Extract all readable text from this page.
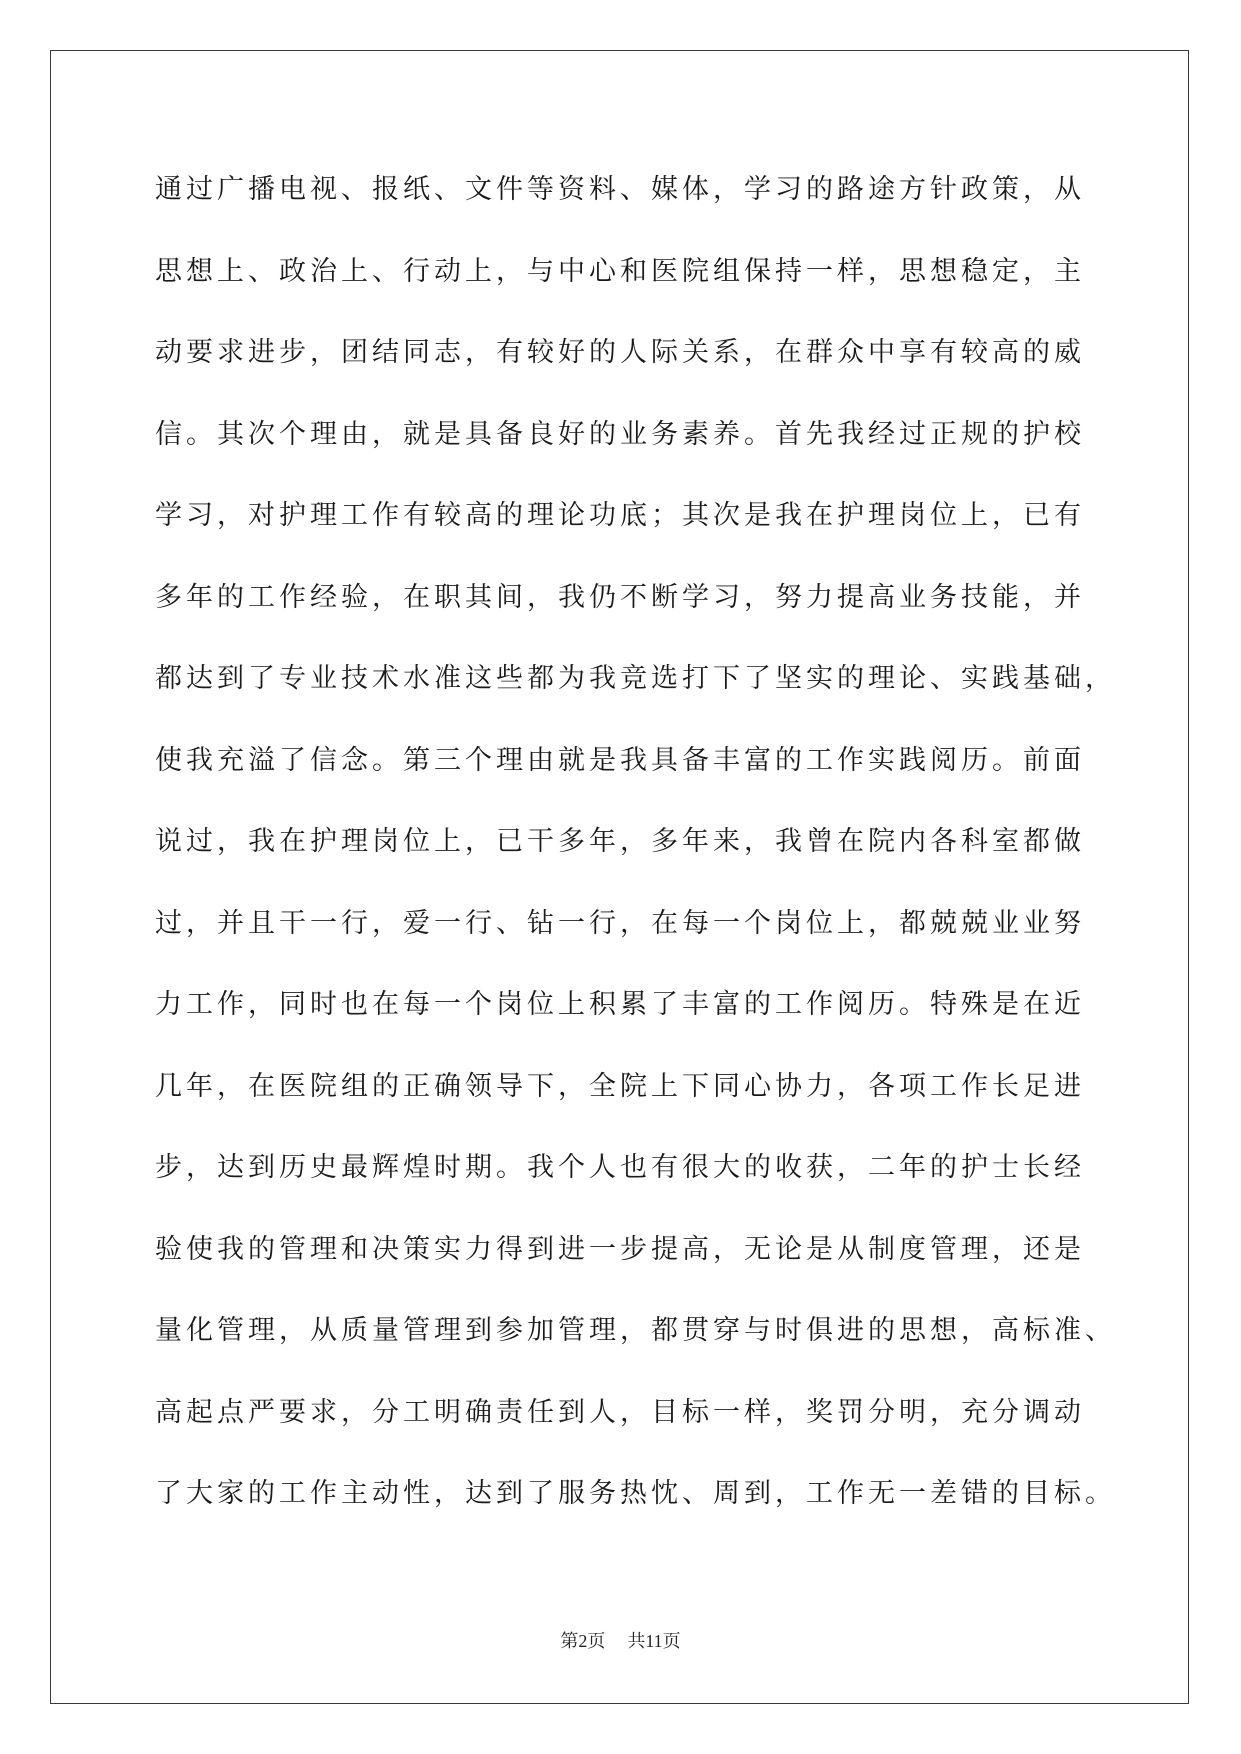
通过广播电视、报纸、文件等资料、媒体，学习的路途方针政策，从
思想上、政治上、行动上，与中心和医院组保持一样，思想稳定，主
动要求进步，团结同志，有较好的人际关系，在群众中享有较高的威
信。其次个理由，就是具备良好的业务素养。首先我经过正规的护校
学习，对护理工作有较高的理论功底；其次是我在护理岗位上，已有
多年的工作经验，在职其间，我仍不断学习，努力提高业务技能，并
都达到了专业技术水准这些都为我竞选打下了坚实的理论、实践基础，
使我充溢了信念。第三个理由就是我具备丰富的工作实践阅历。前面
说过，我在护理岗位上，已干多年，多年来，我曾在院内各科室都做
过，并且干一行，爱一行、钻一行，在每一个岗位上，都兢兢业业努
力工作，同时也在每一个岗位上积累了丰富的工作阅历。特殊是在近
几年，在医院组的正确领导下，全院上下同心协力，各项工作长足进
步，达到历史最辉煌时期。我个人也有很大的收获，二年的护士长经
验使我的管理和决策实力得到进一步提高，无论是从制度管理，还是
量化管理，从质量管理到参加管理，都贯穿与时俱进的思想，高标准、
高起点严要求，分工明确责任到人，目标一样，奖罚分明，充分调动
了大家的工作主动性，达到了服务热忱、周到，工作无一差错的目标。
第2页 共11页
